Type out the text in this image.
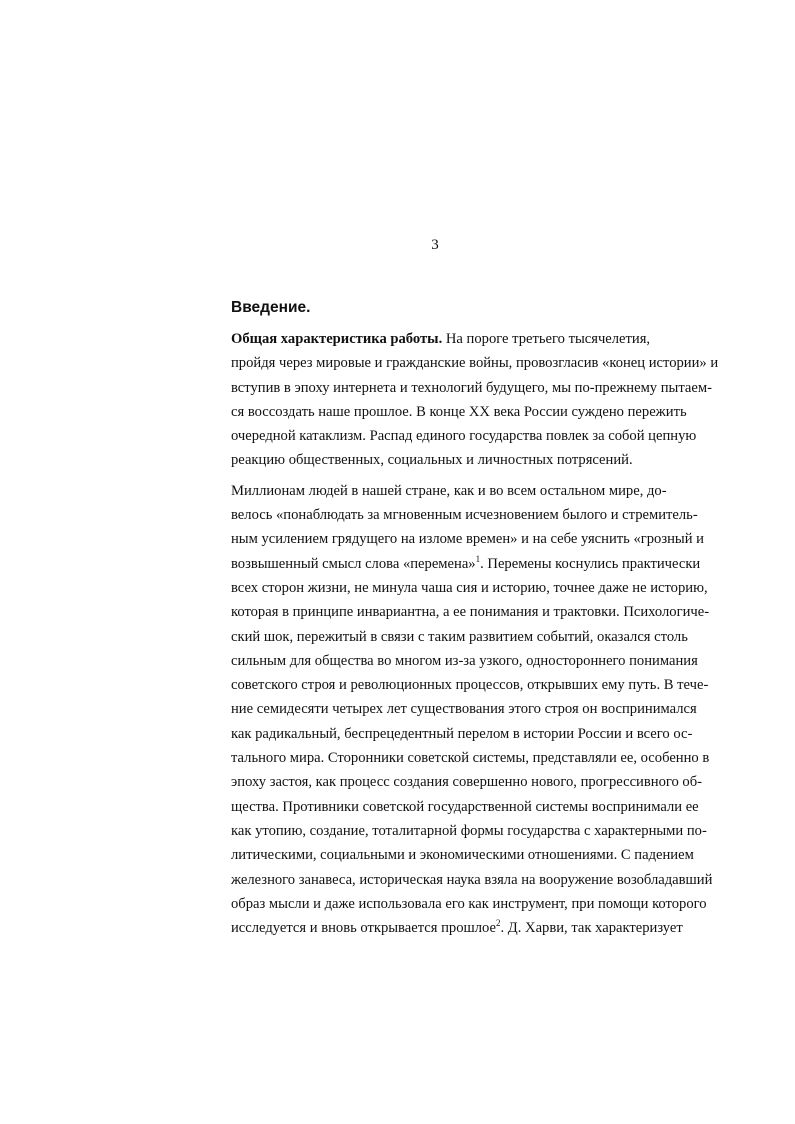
3
Введение.
Общая характеристика работы. На пороге третьего тысячелетия,
пройдя через мировые и гражданские войны, провозгласив «конец истории» и
вступив в эпоху интернета и технологий будущего, мы по-прежнему пытаем-
ся воссоздать наше прошлое. В конце ХХ века России суждено пережить
очередной катаклизм. Распад единого государства повлек за собой цепную
реакцию общественных, социальных и личностных потрясений.
Миллионам людей в нашей стране, как и во всем остальном мире, до-
велось «понаблюдать за мгновенным исчезновением былого и стремитель-
ным усилением грядущего на изломе времен» и на себе уяснить «грозный и
возвышенный смысл слова «перемена»$^1$. Перемены коснулись практически
всех сторон жизни, не минула чаша сия и историю, точнее даже не историю,
которая в принципе инвариантна, а ее понимания и трактовки. Психологиче-
ский шок, пережитый в связи с таким развитием событий, оказался столь
сильным для общества во многом из-за узкого, одностороннего понимания
советского строя и революционных процессов, открывших ему путь. В тече-
ние семидесяти четырех лет существования этого строя он воспринимался
как радикальный, беспрецедентный перелом в истории России и всего ос-
тального мира. Сторонники советской системы, представляли ее, особенно в
эпоху застоя, как процесс создания совершенно нового, прогрессивного об-
щества. Противники советской государственной системы воспринимали ее
как утопию, создание, тоталитарной формы государства с характерными по-
литическими, социальными и экономическими отношениями. С падением
железного занавеса, историческая наука взяла на вооружение возобладавший
образ мысли и даже использовала его как инструмент, при помощи которого
исследуется и вновь открывается прошлое$^2$. Д. Харви, так характеризует
